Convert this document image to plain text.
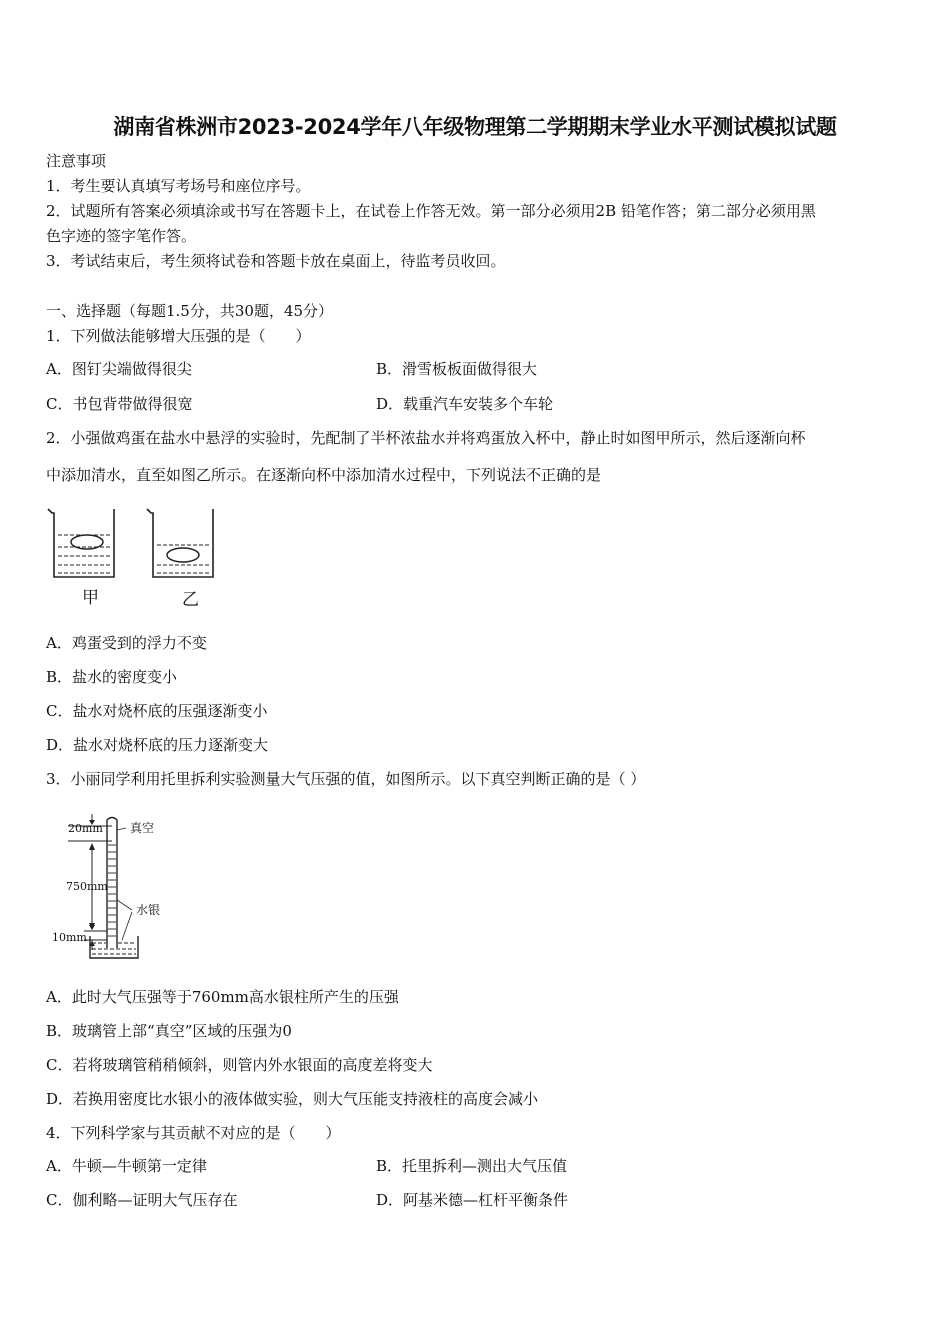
湖南省株洲市2023-2024学年八年级物理第二学期期末学业水平测试模拟试题
注意事项
1．考生要认真填写考场号和座位序号。
2．试题所有答案必须填涂或书写在答题卡上，在试卷上作答无效。第一部分必须用2B 铅笔作答；第二部分必须用黑
色字迹的签字笔作答。
3．考试结束后，考生须将试卷和答题卡放在桌面上，待监考员收回。
一、选择题（每题1.5分，共30题，45分）
1．下列做法能够增大压强的是（　　）
A．图钉尖端做得很尖	B．滑雪板板面做得很大
C．书包背带做得很宽	D．载重汽车安装多个车轮
2．小强做鸡蛋在盐水中悬浮的实验时，先配制了半杯浓盐水并将鸡蛋放入杯中，静止时如图甲所示，然后逐渐向杯
中添加清水，直至如图乙所示。在逐渐向杯中添加清水过程中，下列说法不正确的是
甲	乙
A．鸡蛋受到的浮力不变
B．盐水的密度变小
C．盐水对烧杯底的压强逐渐变小
D．盐水对烧杯底的压力逐渐变大
3．小丽同学利用托里拆利实验测量大气压强的值，如图所示。以下真空判断正确的是（ ）
20mm
750mm
10mm
真空
水银
A．此时大气压强等于760mm高水银柱所产生的压强
B．玻璃管上部“真空”区域的压强为0
C．若将玻璃管稍稍倾斜，则管内外水银面的高度差将变大
D．若换用密度比水银小的液体做实验，则大气压能支持液柱的高度会减小
4．下列科学家与其贡献不对应的是（　　）
A．牛顿—牛顿第一定律	B．托里拆利—测出大气压值
C．伽利略—证明大气压存在	D．阿基米德—杠杆平衡条件
